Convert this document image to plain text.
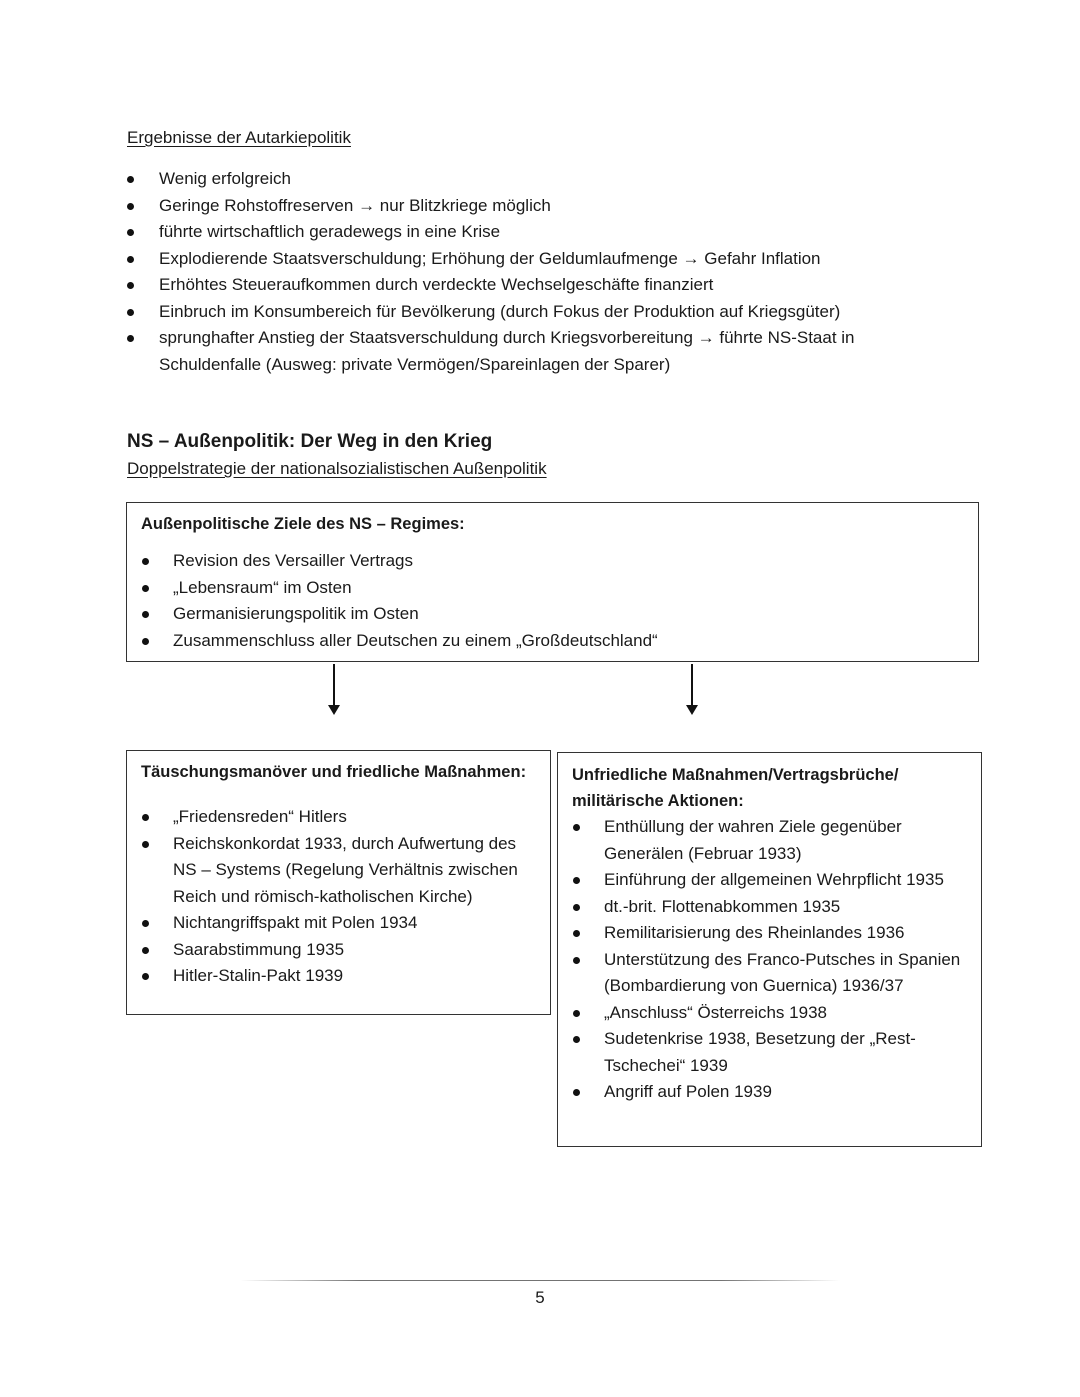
Ergebnisse der Autarkiepolitik

Wenig erfolgreich
Geringe Rohstoffreserven → nur Blitzkriege möglich
führte wirtschaftlich geradewegs in eine Krise
Explodierende Staatsverschuldung; Erhöhung der Geldumlaufmenge → Gefahr Inflation
Erhöhtes Steueraufkommen durch verdeckte Wechselgeschäfte finanziert
Einbruch im Konsumbereich für Bevölkerung (durch Fokus der Produktion auf Kriegsgüter)
sprunghafter Anstieg der Staatsverschuldung durch Kriegsvorbereitung → führte NS-Staat in Schuldenfalle (Ausweg: private Vermögen/Spareinlagen der Sparer)

NS – Außenpolitik: Der Weg in den Krieg

Doppelstrategie der nationalsozialistischen Außenpolitik

Außenpolitische Ziele des NS – Regimes:

Revision des Versailler Vertrags
„Lebensraum“ im Osten
Germanisierungspolitik im Osten
Zusammenschluss aller Deutschen zu einem „Großdeutschland“

Täuschungsmanöver und friedliche Maßnahmen:

„Friedensreden“ Hitlers
Reichskonkordat 1933, durch Aufwertung des NS – Systems (Regelung Verhältnis zwischen Reich und römisch-katholischen Kirche)
Nichtangriffspakt mit Polen 1934
Saarabstimmung 1935
Hitler-Stalin-Pakt 1939

Unfriedliche Maßnahmen/Vertragsbrüche/ militärische Aktionen:

Enthüllung der wahren Ziele gegenüber Generälen (Februar 1933)
Einführung der allgemeinen Wehrpflicht 1935
dt.-brit. Flottenabkommen 1935
Remilitarisierung des Rheinlandes 1936
Unterstützung des Franco-Putsches in Spanien (Bombardierung von Guernica) 1936/37
„Anschluss“ Österreichs 1938
Sudetenkrise 1938, Besetzung der „Rest-Tschechei“ 1939
Angriff auf Polen 1939
5
